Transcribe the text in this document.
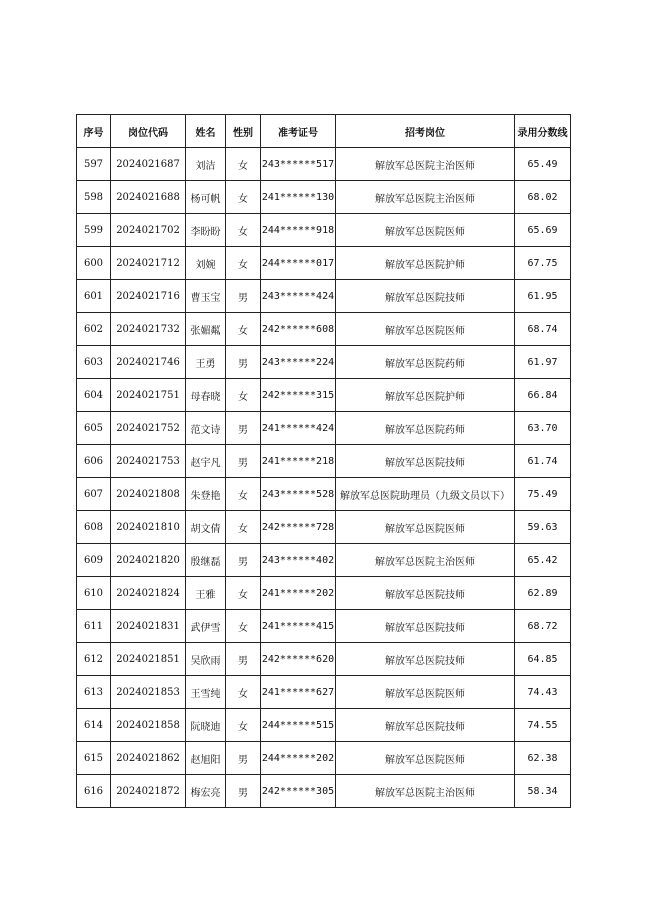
序号	岗位代码	姓名	性别	准考证号	招考岗位	录用分数线
597	2024021687	刘洁	女	243******517	解放军总医院主治医师	65.49
598	2024021688	杨可帆	女	241******130	解放军总医院主治医师	68.02
599	2024021702	李盼盼	女	244******918	解放军总医院医师	65.69
600	2024021712	刘婉	女	244******017	解放军总医院护师	67.75
601	2024021716	曹玉宝	男	243******424	解放军总医院技师	61.95
602	2024021732	张媚粼	女	242******608	解放军总医院医师	68.74
603	2024021746	王勇	男	243******224	解放军总医院药师	61.97
604	2024021751	母春晓	女	242******315	解放军总医院护师	66.84
605	2024021752	范文诗	男	241******424	解放军总医院药师	63.70
606	2024021753	赵宇凡	男	241******218	解放军总医院技师	61.74
607	2024021808	朱登艳	女	243******528	解放军总医院助理员（九级文员以下）	75.49
608	2024021810	胡文倩	女	242******728	解放军总医院医师	59.63
609	2024021820	殷继磊	男	243******402	解放军总医院主治医师	65.42
610	2024021824	王雅	女	241******202	解放军总医院技师	62.89
611	2024021831	武伊雪	女	241******415	解放军总医院技师	68.72
612	2024021851	吴欣雨	男	242******620	解放军总医院技师	64.85
613	2024021853	王雪纯	女	241******627	解放军总医院医师	74.43
614	2024021858	阮晓迪	女	244******515	解放军总医院技师	74.55
615	2024021862	赵旭阳	男	244******202	解放军总医院医师	62.38
616	2024021872	梅宏亮	男	242******305	解放军总医院主治医师	58.34
